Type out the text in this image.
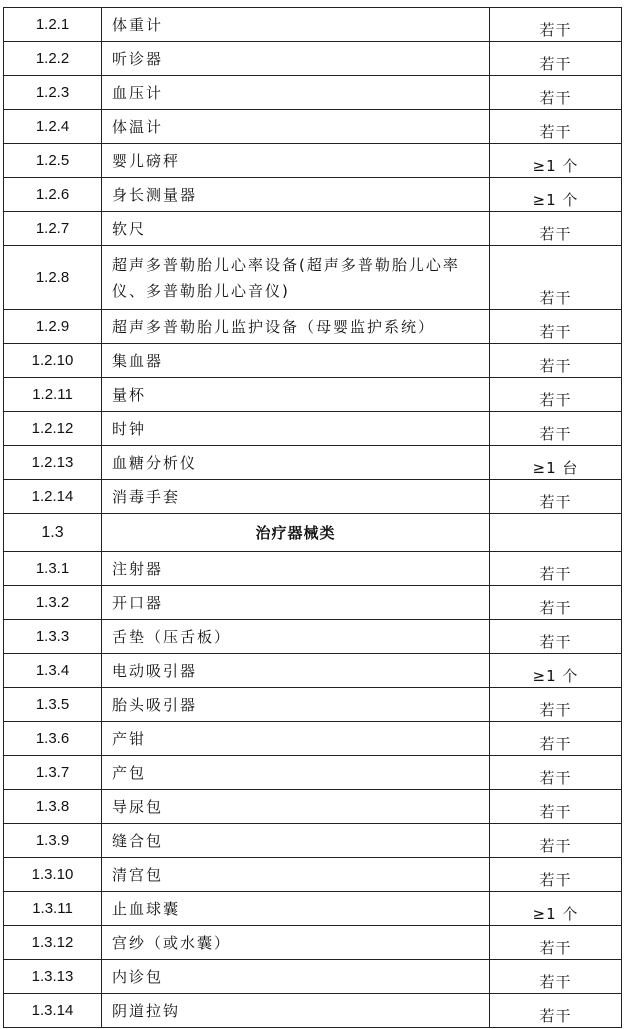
1.2.1	体重计	若干
1.2.2	听诊器	若干
1.2.3	血压计	若干
1.2.4	体温计	若干
1.2.5	婴儿磅秤	≥1 个
1.2.6	身长测量器	≥1 个
1.2.7	软尺	若干
1.2.8	超声多普勒胎儿心率设备(超声多普勒胎儿心率仪、多普勒胎儿心音仪)	若干
1.2.9	超声多普勒胎儿监护设备（母婴监护系统）	若干
1.2.10	集血器	若干
1.2.11	量杯	若干
1.2.12	时钟	若干
1.2.13	血糖分析仪	≥1 台
1.2.14	消毒手套	若干
1.3	治疗器械类	
1.3.1	注射器	若干
1.3.2	开口器	若干
1.3.3	舌垫（压舌板）	若干
1.3.4	电动吸引器	≥1 个
1.3.5	胎头吸引器	若干
1.3.6	产钳	若干
1.3.7	产包	若干
1.3.8	导尿包	若干
1.3.9	缝合包	若干
1.3.10	清宫包	若干
1.3.11	止血球囊	≥1 个
1.3.12	宫纱（或水囊）	若干
1.3.13	内诊包	若干
1.3.14	阴道拉钩	若干
